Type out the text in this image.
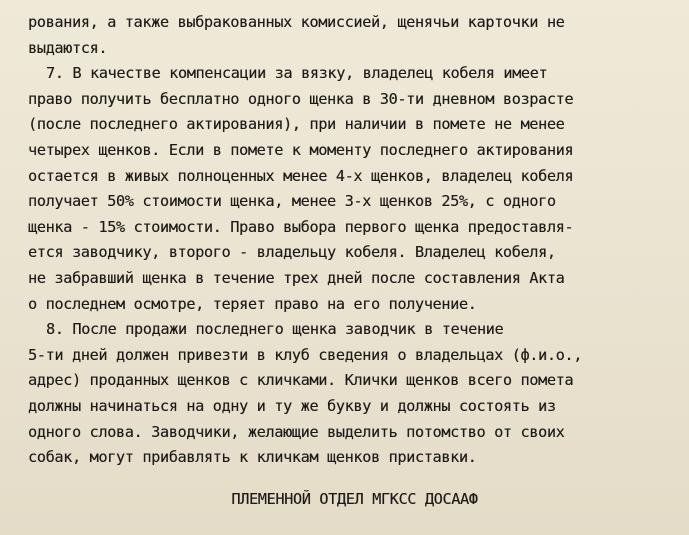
рования, а также выбракованных комиссией, щенячьи карточки не
выдаются.
7. В качестве компенсации за вязку, владелец кобеля имеет
право получить бесплатно одного щенка в 30-ти дневном возрасте
(после последнего актирования), при наличии в помете не менее
четырех щенков. Если в помете к моменту последнего актирования
остается в живых полноценных менее 4-х щенков, владелец кобеля
получает 50% стоимости щенка, менее 3-х щенков 25%, с одного
щенка - 15% стоимости. Право выбора первого щенка предоставля-
ется заводчику, второго - владельцу кобеля. Владелец кобеля,
не забравший щенка в течение трех дней после составления Акта
о последнем осмотре, теряет право на его получение.
8. После продажи последнего щенка заводчик в течение
5-ти дней должен привезти в клуб сведения о владельцах (ф.и.о.,
адрес) проданных щенков с кличками. Клички щенков всего помета
должны начинаться на одну и ту же букву и должны состоять из
одного слова. Заводчики, желающие выделить потомство от своих
собак, могут прибавлять к кличкам щенков приставки.
ПЛЕМЕННОЙ ОТДЕЛ МГКСС ДОСААФ
